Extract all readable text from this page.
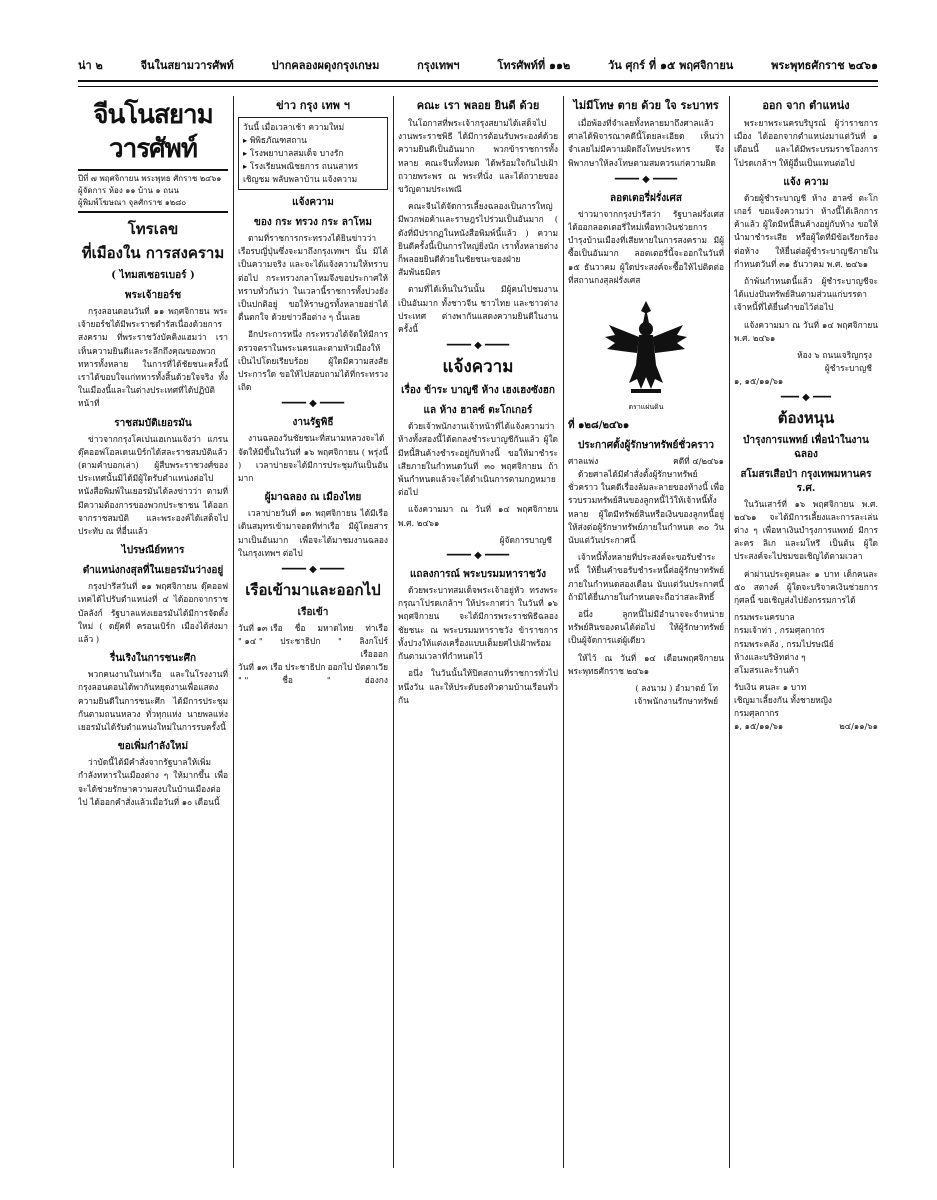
น่า ๒	จีนในสยามวารศัพท์	ปากคลองผดุงกรุงเกษม	กรุงเทพฯ	โทรศัพท์ที่ ๑๑๒	วัน ศุกร์ ที่ ๑๕ พฤศจิกายน	พระพุทธศักราช ๒๔๖๑
จีนโนสยามวารศัพท์
ปีที่ ๗ พฤศจิกายน พระพุทธ ศักราช ๒๔๖๑
ผู้จัดการ ห้อง ๑๑ บ้าน ๑ ถนน
ผู้พิมพ์โฆษณา จุลศักราช ๑๒๘๐
โทรเลข
ที่เมืองใน การสงคราม
( ไทมสเซอรเบอร์ )
พระเจ้ายอร์ช

กรุงลอนดอนวันที่ ๑๑ พฤศจิกายน พระเจ้ายอร์ชได้มีพระราชดำรัสเนื่องด้วยการสงคราม ที่พระราชวังบัคคิงแฮมว่า เราเห็นความยินดีและระลึกถึงคุณของพวกทหารทั้งหลาย ในการที่ได้ชัยชนะครั้งนี้ เราได้ขอบใจแก่ทหารทั้งสิ้นด้วยใจจริง ทั้งในเมืองนี้และในต่างประเทศที่ได้ปฏิบัติหน้าที่

ราชสมบัติเยอรมัน

ข่าวจากกรุงโคเปนเฮเกนแจ้งว่า แกรนดุ๊คออฟโอลเดนเบิร์กได้สละราชสมบัติแล้ว (ตามคำบอกเล่า) ผู้สืบพระราชวงศ์ของประเทศนั้นมิได้มีผู้ใดรับตำแหน่งต่อไป หนังสือพิมพ์ในเยอรมันได้ลงข่าวว่า ตามที่มีความต้องการของพวกประชาชน ได้ออกจากราชสมบัติ และพระองค์ได้เสด็จไปประทับ ณ ที่อื่นแล้ว

ไปรษณีย์ทหาร
ตำแหน่งกงสุลที่ในเยอรมันว่างอยู่

กรุงปารีสวันที่ ๑๑ พฤศจิกายน ดุ๊คออฟเทคได้ไปรับตำแหน่งที่ ๔ ได้ออกจากราชบัลลังก์ รัฐบาลแห่งเยอรมันได้มีการจัดตั้งใหม่ ( ดยุ๊คที่ ครอนเบิร์ก เมืองได้ส่งมาแล้ว )

รื่นเริงในการชนะศึก

พวกคนงานในท่าเรือ และในโรงงานที่กรุงลอนดอนได้พากันหยุดงานเพื่อแสดงความยินดีในการชนะศึก ได้มีการประชุมกันตามถนนหลวง ทั่วทุกแห่ง นายพลแห่งเยอรมันได้รับตำแหน่งใหม่ในการรบครั้งนี้

ขอเพิ่มกำลังใหม่

ว่าบัดนี้ได้มีคำสั่งจากรัฐบาลให้เพิ่มกำลังทหารในเมืองต่าง ๆ ให้มากขึ้น เพื่อจะได้ช่วยรักษาความสงบในบ้านเมืองต่อไป ได้ออกคำสั่งแล้วเมื่อวันที่ ๑๐ เดือนนี้

ข่าว กรุง เทพ ฯ
วันนี้ เมื่อเวลาเช้า ความใหม่
▸ พิพิธภัณฑสถาน
▸ โรงพยาบาลสมเด็จ บางรัก
▸ โรงเรียนพณิชยการ ถนนสาทร
เชิญชม พลับพลาบ้าน แจ้งความ
แจ้งความ
ของ กระ ทรวง กระ ลาโหม

ตามที่ราชการกระทรวงได้ยินข่าวว่า เรือรบญี่ปุ่นซึ่งจะมาถึงกรุงเทพฯ นั้น มิได้เป็นความจริง และจะได้แจ้งความให้ทราบต่อไป กระทรวงกลาโหมจึงขอประกาศให้ทราบทั่วกันว่า ในเวลานี้ราชการทั้งปวงยังเป็นปกติอยู่ ขอให้ราษฎรทั้งหลายอย่าได้ตื่นตกใจ ด้วยข่าวลือต่าง ๆ นั้นเลย

อีกประการหนึ่ง กระทรวงได้จัดให้มีการตรวจตราในพระนครและตามหัวเมืองให้เป็นไปโดยเรียบร้อย ผู้ใดมีความสงสัยประการใด ขอให้ไปสอบถามได้ที่กระทรวงเถิด

━━━━ ◆ ━━━━
งานรัฐพิธี

งานฉลองวันชัยชนะที่สนามหลวงจะได้จัดให้มีขึ้นในวันที่ ๑๖ พฤศจิกายน ( พรุ่งนี้ ) เวลาบ่ายจะได้มีการประชุมกันเป็นอันมาก

ผู้มาฉลอง ณ เมืองไทย

เวลาบ่ายวันที่ ๑๓ พฤศจิกายน ได้มีเรือเดินสมุทรเข้ามาจอดที่ท่าเรือ มีผู้โดยสารมาเป็นอันมาก เพื่อจะได้มาชมงานฉลองในกรุงเทพฯ ต่อไป

━━━━ ◆ ━━━━
เรือเข้ามาและออกไป
เรือเข้า
วันที่ ๑๓ เรือ ชื่อ มหาดไทย ท่าเรือ
" ๑๔ " ประชาธิปก " ลิงกโปร์
เรือออก
วันที่ ๑๓ เรือ ประชาธิปก ออกไป บัตตาเวีย
" "	ชื่อ	"	ฮ่องกง
คณะ เรา พลอย ยินดี ด้วย

ในโอกาสที่พระเจ้ากรุงสยามได้เสด็จไปงานพระราชพิธี ได้มีการต้อนรับพระองค์ด้วยความยินดีเป็นอันมาก พวกข้าราชการทั้งหลาย คณะจีนทั้งหมด ได้พร้อมใจกันไปเฝ้าถวายพระพร ณ พระที่นั่ง และได้ถวายของขวัญตามประเพณี

คณะจีนได้จัดการเลี้ยงฉลองเป็นการใหญ่ มีพวกพ่อค้าและราษฎรไปร่วมเป็นอันมาก ( ดังที่มีปรากฏในหนังสือพิมพ์นี้แล้ว ) ความยินดีครั้งนี้เป็นการใหญ่ยิ่งนัก เราทั้งหลายต่างก็พลอยยินดีด้วยในชัยชนะของฝ่ายสัมพันธมิตร

ตามที่ได้เห็นในวันนั้น มีผู้คนไปชมงานเป็นอันมาก ทั้งชาวจีน ชาวไทย และชาวต่างประเทศ ต่างพากันแสดงความยินดีในงานครั้งนี้

━━━━ ◆ ━━━━
แจ้งความ
เรื่อง ข้าระ บาญชี ห้าง เฮงเฮงซังฮก
แล ห้าง ฮาลซ์ ตะโกเกอร์

ด้วยเจ้าพนักงานเจ้าหน้าที่ได้แจ้งความว่า ห้างทั้งสองนี้ได้ตกลงชำระบาญชีกันแล้ว ผู้ใดมีหนี้สินค้างชำระอยู่กับห้างนี้ ขอให้มาชำระเสียภายในกำหนดวันที่ ๓๐ พฤศจิกายน ถ้าพ้นกำหนดแล้วจะได้ดำเนินการตามกฎหมายต่อไป

แจ้งความมา ณ วันที่ ๑๔ พฤศจิกายน พ.ศ. ๒๔๖๑

ผู้จัดการบาญชี
━━━━ ◆ ━━━━
แถลงการณ์ พระบรมมหาราชวัง

ด้วยพระบาทสมเด็จพระเจ้าอยู่หัว ทรงพระกรุณาโปรดเกล้าฯ ให้ประกาศว่า ในวันที่ ๑๖ พฤศจิกายน จะได้มีการพระราชพิธีฉลองชัยชนะ ณ พระบรมมหาราชวัง ข้าราชการทั้งปวงให้แต่งเครื่องแบบเต็มยศไปเฝ้าพร้อมกันตามเวลาที่กำหนดไว้

อนึ่ง ในวันนั้นให้ปิดสถานที่ราชการทั่วไปหนึ่งวัน และให้ประดับธงทิวตามบ้านเรือนทั่วกัน

ไม่มีโทษ ตาย ด้วย ใจ ระบาทร

เมื่อพ้องที่จำเลยทั้งหลายมาถึงศาลแล้ว ศาลได้พิจารณาคดีนี้โดยละเอียด เห็นว่าจำเลยไม่มีความผิดถึงโทษประหาร จึงพิพากษาให้ลงโทษตามสมควรแก่ความผิด

━━━━ ◆ ━━━━
ลอตเตอรี่ฝรั่งเศส

ข่าวมาจากกรุงปารีสว่า รัฐบาลฝรั่งเศสได้ออกลอตเตอรี่ใหม่เพื่อหาเงินช่วยการบำรุงบ้านเมืองที่เสียหายในการสงคราม มีผู้ซื้อเป็นอันมาก ลอตเตอรี่นี้จะออกในวันที่ ๑๕ ธันวาคม ผู้ใดประสงค์จะซื้อให้ไปติดต่อที่สถานกงสุลฝรั่งเศส

ตราแผ่นดิน
ที่ ๑๒๘/๒๔๖๑
ประกาศตั้งผู้รักษาทรัพย์ชั่วคราว
ศาลแพ่ง	คดีที่ ๔/๒๔๖๑

ด้วยศาลได้มีคำสั่งตั้งผู้รักษาทรัพย์ชั่วคราว ในคดีเรื่องล้มละลายของห้างนี้ เพื่อรวบรวมทรัพย์สินของลูกหนี้ไว้ให้เจ้าหนี้ทั้งหลาย ผู้ใดมีทรัพย์สินหรือเงินของลูกหนี้อยู่ ให้ส่งต่อผู้รักษาทรัพย์ภายในกำหนด ๓๐ วัน นับแต่วันประกาศนี้

เจ้าหนี้ทั้งหลายที่ประสงค์จะขอรับชำระหนี้ ให้ยื่นคำขอรับชำระหนี้ต่อผู้รักษาทรัพย์ภายในกำหนดสองเดือน นับแต่วันประกาศนี้ ถ้ามิได้ยื่นภายในกำหนดจะถือว่าสละสิทธิ์

อนึ่ง ลูกหนี้ไม่มีอำนาจจะจำหน่ายทรัพย์สินของตนได้ต่อไป ให้ผู้รักษาทรัพย์เป็นผู้จัดการแต่ผู้เดียว

ให้ไว้ ณ วันที่ ๑๔ เดือนพฤศจิกายน พระพุทธศักราช ๒๔๖๑

( ลงนาม ) อำมาตย์ โท
เจ้าพนักงานรักษาทรัพย์
ออก จาก ตำแหน่ง

พระยาพระนครบริบูรณ์ ผู้ว่าราชการเมือง ได้ออกจากตำแหน่งมาแต่วันที่ ๑ เดือนนี้ และได้มีพระบรมราชโองการโปรดเกล้าฯ ให้ผู้อื่นเป็นแทนต่อไป

แจ้ง ความ

ด้วยผู้ชำระบาญชี ห้าง ฮาลซ์ ตะโกเกอร์ ขอแจ้งความว่า ห้างนี้ได้เลิกการค้าแล้ว ผู้ใดมีหนี้สินค้างอยู่กับห้าง ขอให้นำมาชำระเสีย หรือผู้ใดที่มีข้อเรียกร้องต่อห้าง ให้ยื่นต่อผู้ชำระบาญชีภายในกำหนดวันที่ ๓๑ ธันวาคม พ.ศ. ๒๔๖๑

ถ้าพ้นกำหนดนี้แล้ว ผู้ชำระบาญชีจะได้แบ่งปันทรัพย์สินตามส่วนแก่บรรดาเจ้าหนี้ที่ได้ยื่นคำขอไว้ต่อไป

แจ้งความมา ณ วันที่ ๑๔ พฤศจิกายน พ.ศ. ๒๔๖๑

ห้อง ๖ ถนนเจริญกรุง
ผู้ชำระบาญชี
๑, ๑๕/๑๑/๖๑
━━━ ◆ ━━━
ต้องหนุน
บำรุงการแพทย์ เพื่อนำในงานฉลอง
สโมสรเสือป่า กรุงเทพมหานคร ร.ศ.

ในวันเสาร์ที่ ๑๖ พฤศจิกายน พ.ศ. ๒๔๖๑ จะได้มีการเลี้ยงและการละเล่นต่าง ๆ เพื่อหาเงินบำรุงการแพทย์ มีการละคร ลิเก และมโหรี เป็นต้น ผู้ใดประสงค์จะไปชมขอเชิญได้ตามเวลา

ค่าผ่านประตูคนละ ๑ บาท เด็กคนละ ๕๐ สตางค์ ผู้ใดจะบริจาคเงินช่วยการกุศลนี้ ขอเชิญส่งไปยังกรรมการได้

กรมพระนครบาล
กรมเจ้าท่า , กรมศุลกากร
กรมพระคลัง , กรมไปรษณีย์
ห้างและบริษัทต่าง ๆ
สโมสรและร้านค้า
รับเงิน คนละ ๑ บาท
เชิญมาเลี้ยงกัน ทั้งชายหญิง
กรมศุลกากร
๑, ๑๕/๑๑/๖๑	๒๔/๑๑/๖๑
